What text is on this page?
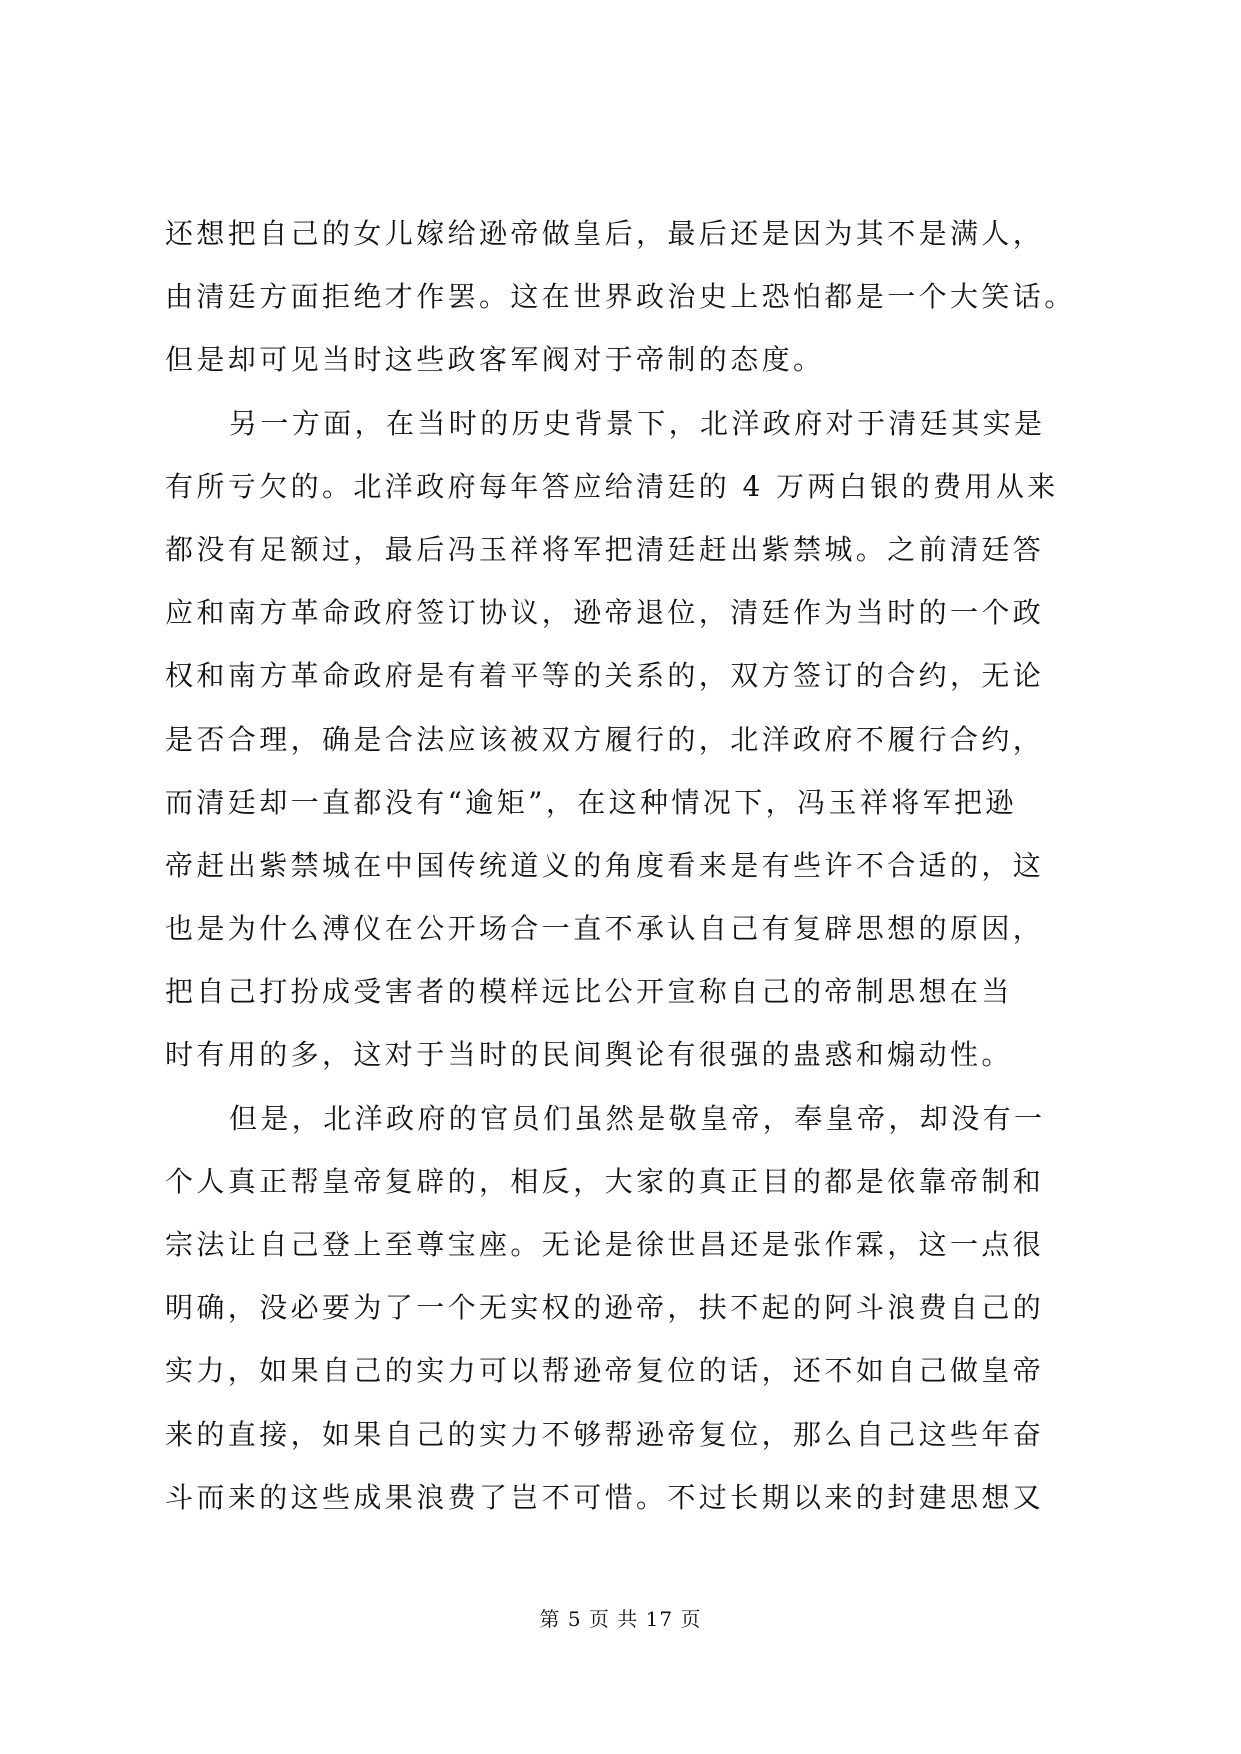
还想把自己的女儿嫁给逊帝做皇后，最后还是因为其不是满人，
由清廷方面拒绝才作罢。这在世界政治史上恐怕都是一个大笑话。
但是却可见当时这些政客军阀对于帝制的态度。
另一方面，在当时的历史背景下，北洋政府对于清廷其实是
有所亏欠的。北洋政府每年答应给清廷的 4 万两白银的费用从来
都没有足额过，最后冯玉祥将军把清廷赶出紫禁城。之前清廷答
应和南方革命政府签订协议，逊帝退位，清廷作为当时的一个政
权和南方革命政府是有着平等的关系的，双方签订的合约，无论
是否合理，确是合法应该被双方履行的，北洋政府不履行合约，
而清廷却一直都没有“逾矩”，在这种情况下，冯玉祥将军把逊
帝赶出紫禁城在中国传统道义的角度看来是有些许不合适的，这
也是为什么溥仪在公开场合一直不承认自己有复辟思想的原因，
把自己打扮成受害者的模样远比公开宣称自己的帝制思想在当
时有用的多，这对于当时的民间舆论有很强的蛊惑和煽动性。
但是，北洋政府的官员们虽然是敬皇帝，奉皇帝，却没有一
个人真正帮皇帝复辟的，相反，大家的真正目的都是依靠帝制和
宗法让自己登上至尊宝座。无论是徐世昌还是张作霖，这一点很
明确，没必要为了一个无实权的逊帝，扶不起的阿斗浪费自己的
实力，如果自己的实力可以帮逊帝复位的话，还不如自己做皇帝
来的直接，如果自己的实力不够帮逊帝复位，那么自己这些年奋
斗而来的这些成果浪费了岂不可惜。不过长期以来的封建思想又
第 5 页 共 17 页
